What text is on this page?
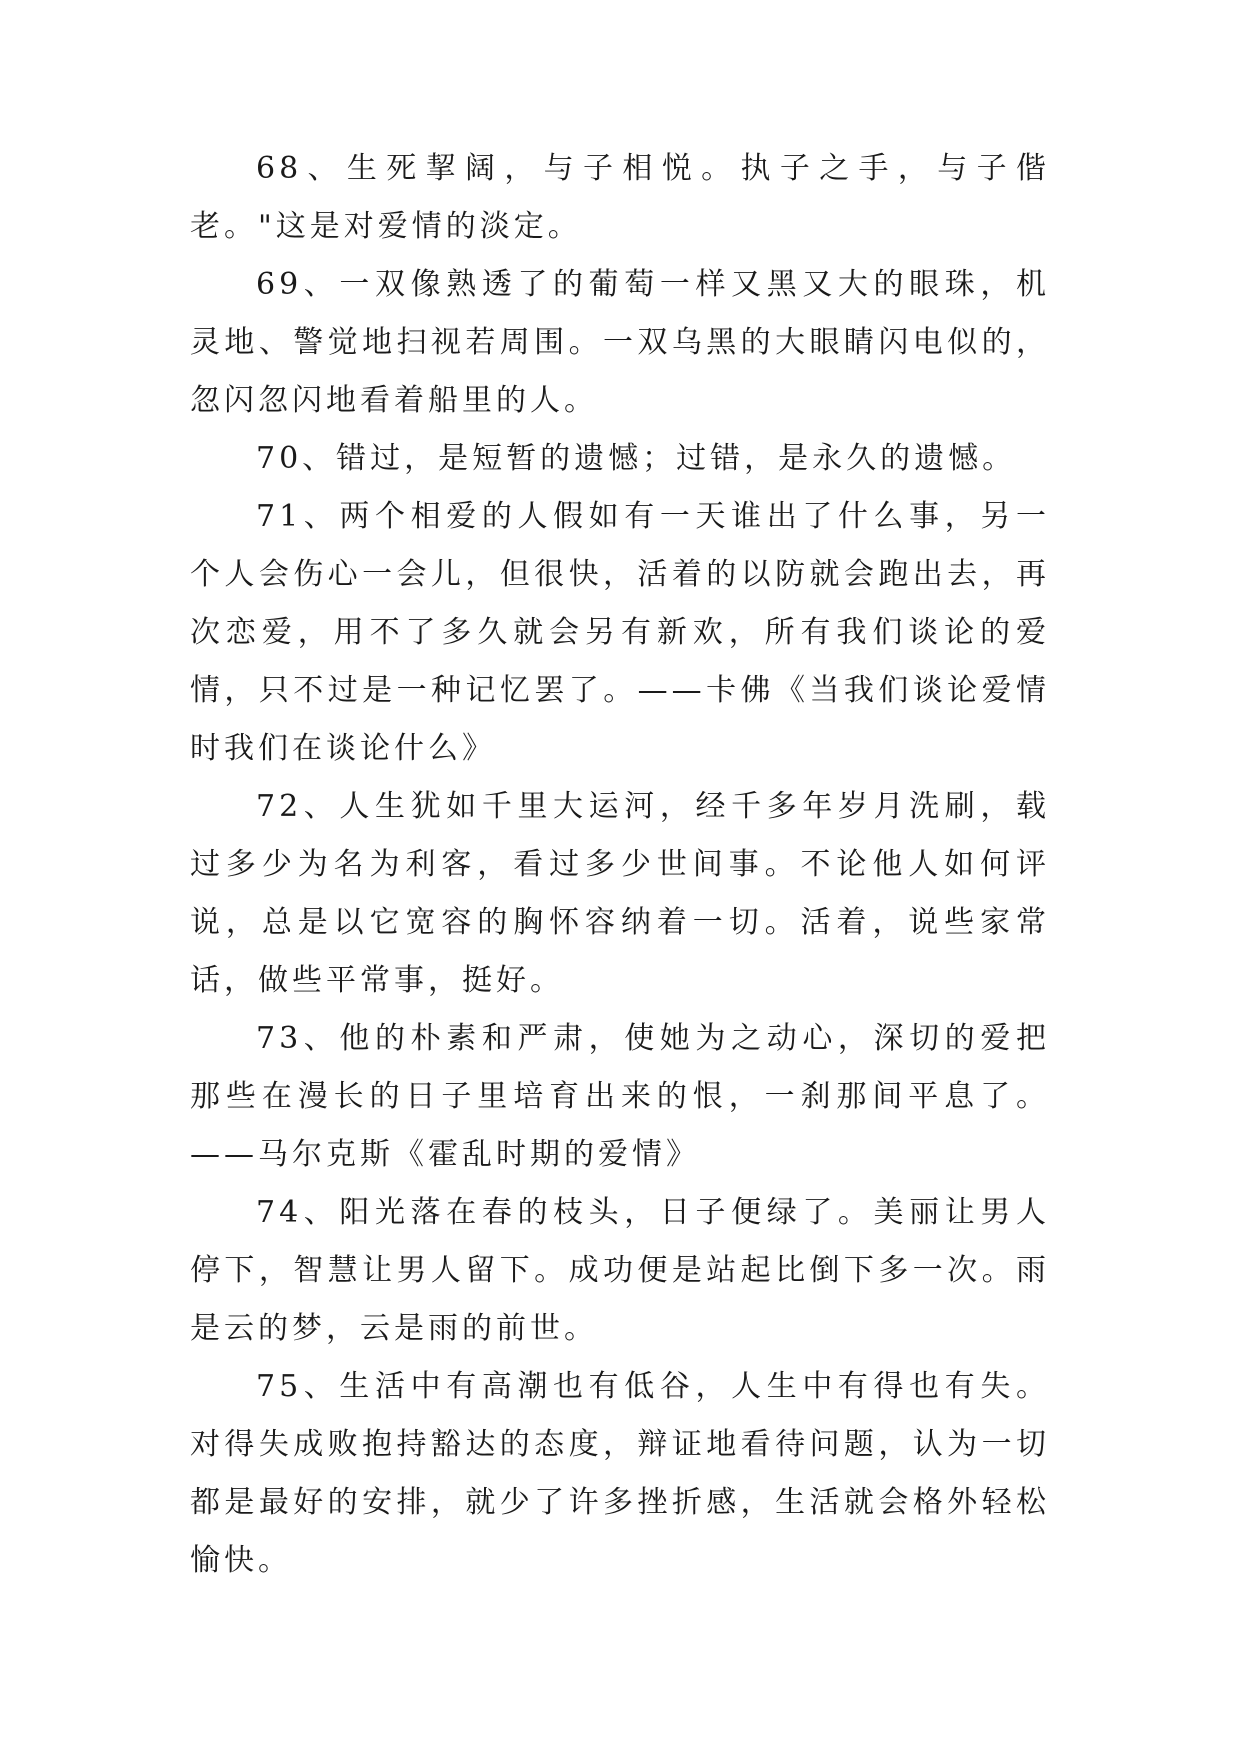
68、生死挈阔，与子相悦。执子之手，与子偕老。"这是对爱情的淡定。

69、一双像熟透了的葡萄一样又黑又大的眼珠，机灵地、警觉地扫视若周围。一双乌黑的大眼睛闪电似的，忽闪忽闪地看着船里的人。

70、错过，是短暂的遗憾；过错，是永久的遗憾。

71、两个相爱的人假如有一天谁出了什么事，另一个人会伤心一会儿，但很快，活着的以防就会跑出去，再次恋爱，用不了多久就会另有新欢，所有我们谈论的爱情，只不过是一种记忆罢了。——卡佛《当我们谈论爱情时我们在谈论什么》

72、人生犹如千里大运河，经千多年岁月洗刷，载过多少为名为利客，看过多少世间事。不论他人如何评说，总是以它宽容的胸怀容纳着一切。活着，说些家常话，做些平常事，挺好。

73、他的朴素和严肃，使她为之动心，深切的爱把那些在漫长的日子里培育出来的恨，一刹那间平息了。——马尔克斯《霍乱时期的爱情》

74、阳光落在春的枝头，日子便绿了。美丽让男人停下，智慧让男人留下。成功便是站起比倒下多一次。雨是云的梦，云是雨的前世。

75、生活中有高潮也有低谷，人生中有得也有失。对得失成败抱持豁达的态度，辩证地看待问题，认为一切都是最好的安排，就少了许多挫折感，生活就会格外轻松愉快。
